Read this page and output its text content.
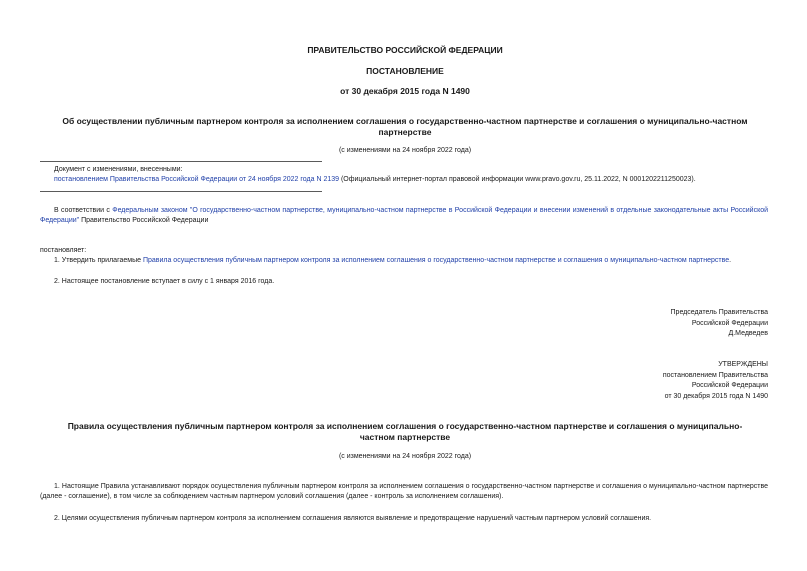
ПРАВИТЕЛЬСТВО РОССИЙСКОЙ ФЕДЕРАЦИИ
ПОСТАНОВЛЕНИЕ
от 30 декабря 2015 года N 1490
Об осуществлении публичным партнером контроля за исполнением соглашения о государственно-частном партнерстве и соглашения о муниципально-частном
партнерстве
(с изменениями на 24 ноября 2022 года)
Документ с изменениями, внесенными:
постановлением Правительства Российской Федерации от 24 ноября 2022 года N 2139 (Официальный интернет-портал правовой информации www.pravo.gov.ru, 25.11.2022, N 0001202211250023).
В соответствии с Федеральным законом "О государственно-частном партнерстве, муниципально-частном партнерстве в Российской Федерации и внесении изменений в отдельные законодательные акты Российской Федерации" Правительство Российской Федерации
постановляет:
1. Утвердить прилагаемые Правила осуществления публичным партнером контроля за исполнением соглашения о государственно-частном партнерстве и соглашения о муниципально-частном партнерстве.
2. Настоящее постановление вступает в силу с 1 января 2016 года.
Председатель Правительства
Российской Федерации
Д.Медведев
УТВЕРЖДЕНЫ
постановлением Правительства
Российской Федерации
от 30 декабря 2015 года N 1490
Правила осуществления публичным партнером контроля за исполнением соглашения о государственно-частном партнерстве и соглашения о муниципально-
частном партнерстве
(с изменениями на 24 ноября 2022 года)
1. Настоящие Правила устанавливают порядок осуществления публичным партнером контроля за исполнением соглашения о государственно-частном партнерстве и соглашения о муниципально-частном партнерстве (далее - соглашение), в том числе за соблюдением частным партнером условий соглашения (далее - контроль за исполнением соглашения).
2. Целями осуществления публичным партнером контроля за исполнением соглашения являются выявление и предотвращение нарушений частным партнером условий соглашения.
